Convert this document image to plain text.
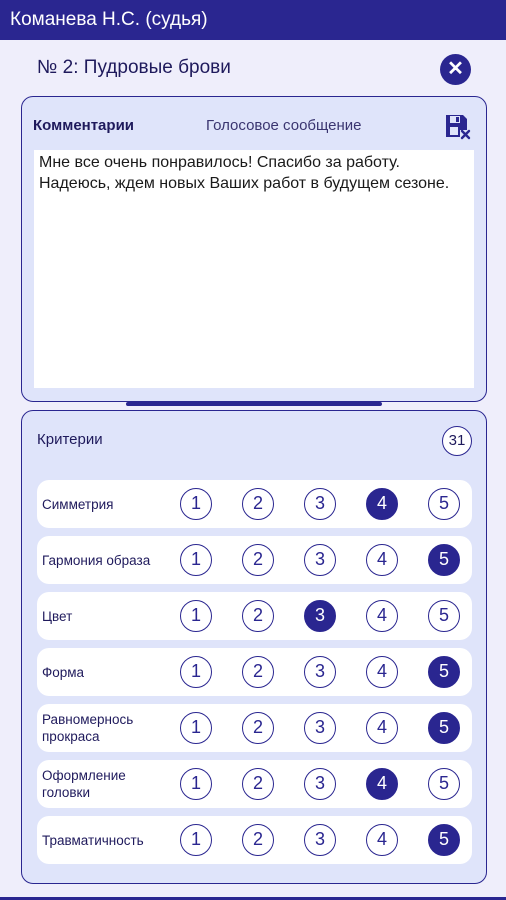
Команева Н.С. (судья)
№ 2: Пудровые брови	✕
Комментарии	Голосовое сообщение
Мне все очень понравилось! Спасибо за работу. Надеюсь, ждем новых Ваших работ в будущем сезоне.
Критерии	31
Симметрия	1	2	3	4	5
Гармония образа	1	2	3	4	5
Цвет	1	2	3	4	5
Форма	1	2	3	4	5
Равномернось прокраса	1	2	3	4	5
Оформление головки	1	2	3	4	5
Травматичность	1	2	3	4	5
